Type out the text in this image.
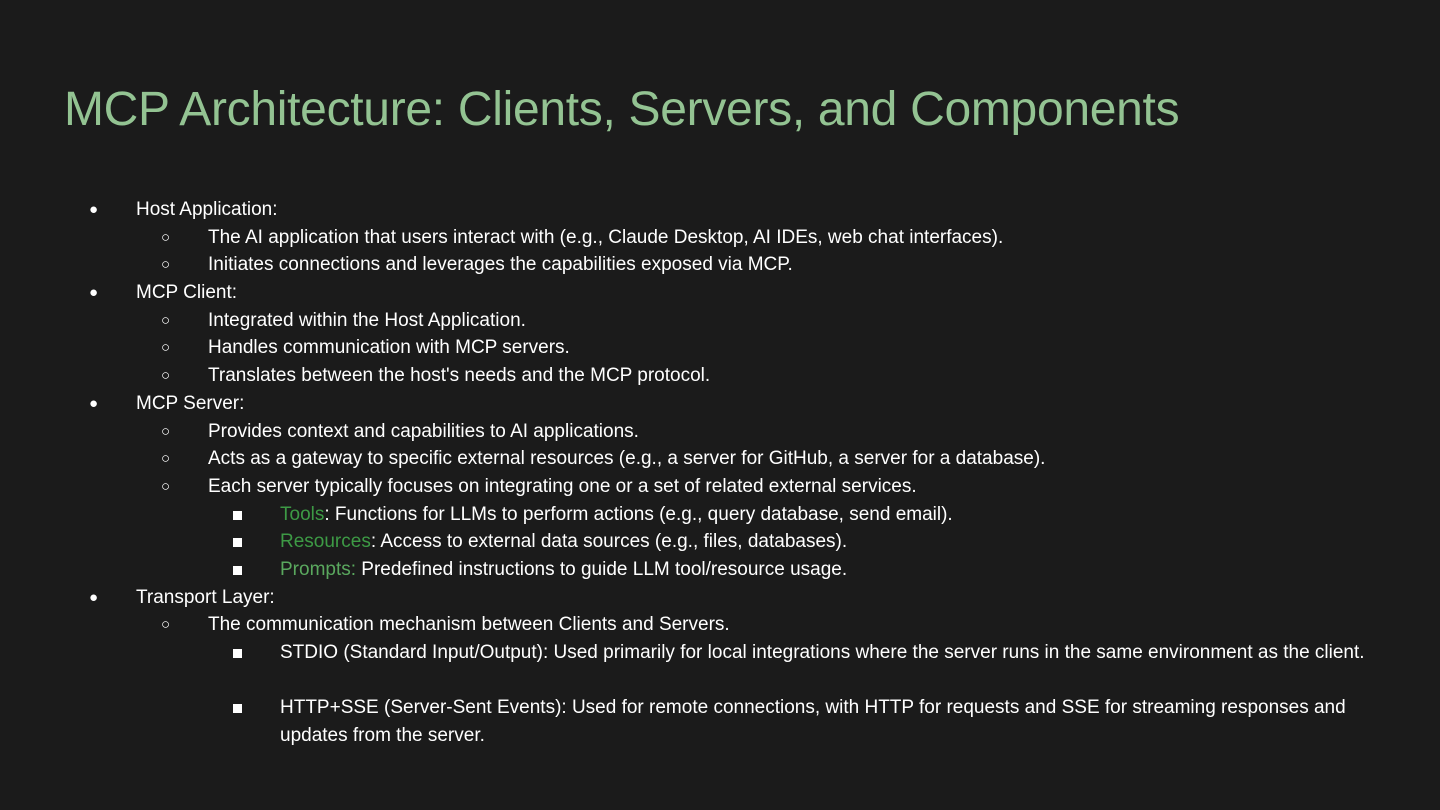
MCP Architecture: Clients, Servers, and Components
● Host Application:
○ The AI application that users interact with (e.g., Claude Desktop, AI IDEs, web chat interfaces).
○ Initiates connections and leverages the capabilities exposed via MCP.
● MCP Client:
○ Integrated within the Host Application.
○ Handles communication with MCP servers.
○ Translates between the host's needs and the MCP protocol.
● MCP Server:
○ Provides context and capabilities to AI applications.
○ Acts as a gateway to specific external resources (e.g., a server for GitHub, a server for a database).
○ Each server typically focuses on integrating one or a set of related external services.
Tools: Functions for LLMs to perform actions (e.g., query database, send email).
Resources: Access to external data sources (e.g., files, databases).
Prompts: Predefined instructions to guide LLM tool/resource usage.
● Transport Layer:
○ The communication mechanism between Clients and Servers.
STDIO (Standard Input/Output): Used primarily for local integrations where the server runs in the same environment as the client.
HTTP+SSE (Server-Sent Events): Used for remote connections, with HTTP for requests and SSE for streaming responses and updates from the server.
